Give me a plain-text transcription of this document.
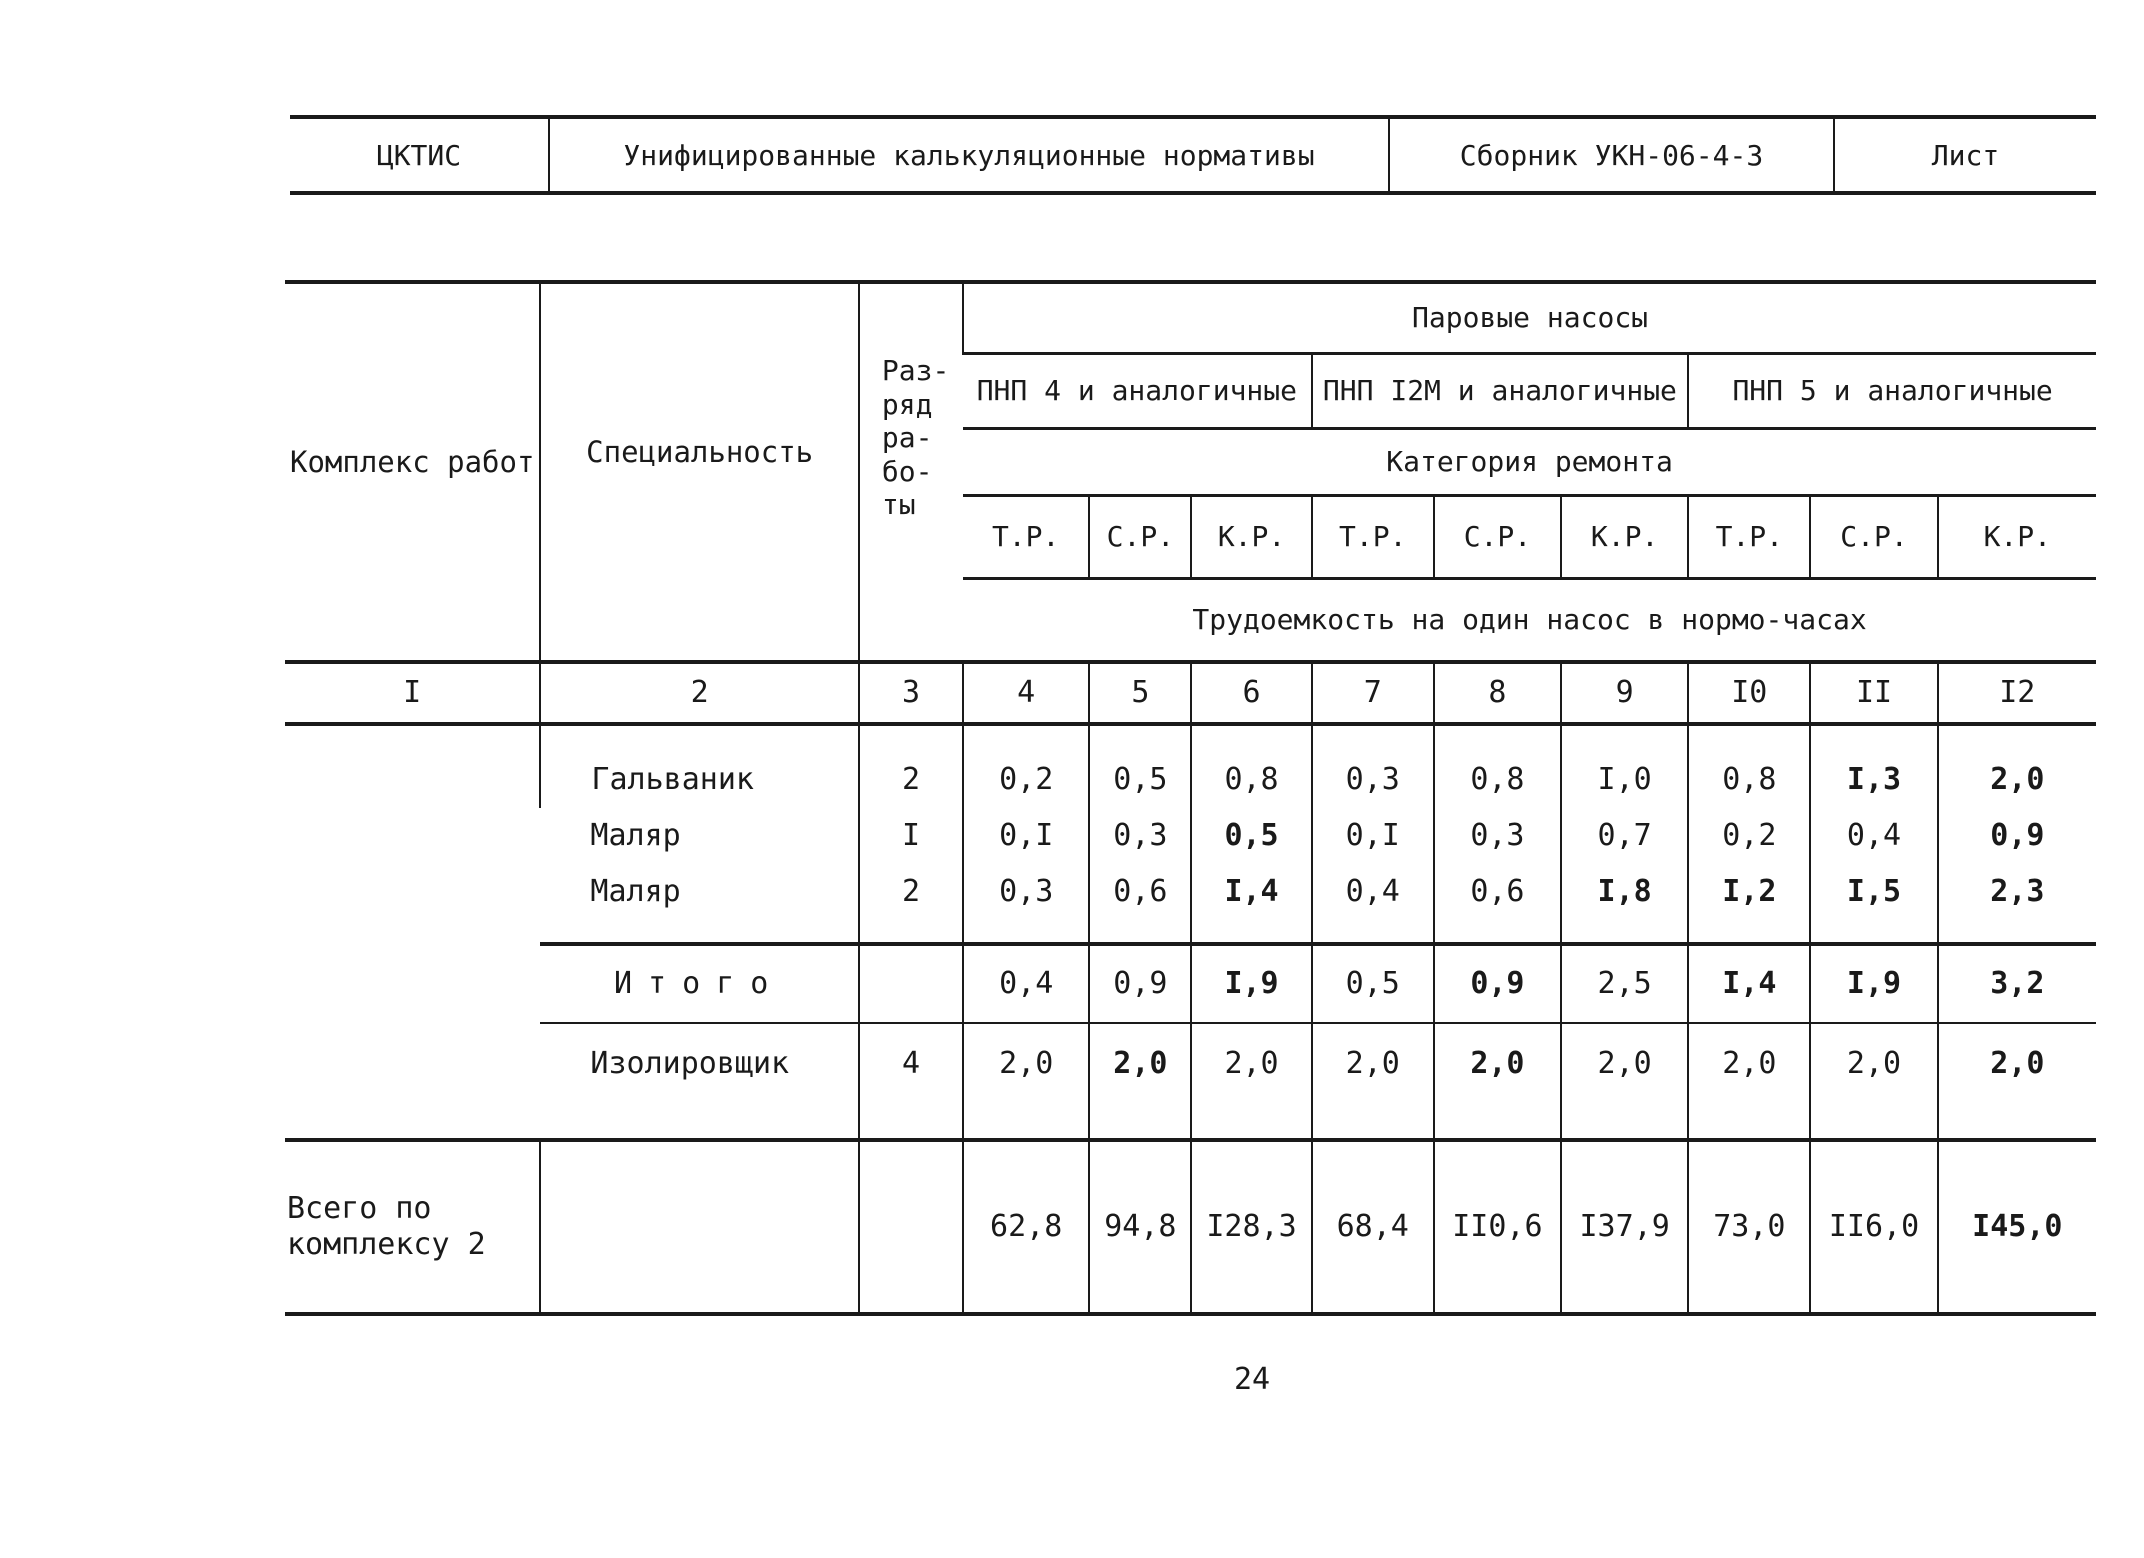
ЦКТИС	Унифицированные калькуляционные нормативы	Сборник УКН-06-4-3	Лист
Комплекс работ	Специальность	Раз-
ряд
ра-
бо-
ты	Паровые насосы								
			ПНП 4 и аналогичные			ПНП I2M и аналогичные			ПНП 5 и аналогичные		
			Категория ремонта								
			Т.Р.	С.Р.	К.Р.	Т.Р.	С.Р.	К.Р.	Т.Р.	С.Р.	К.Р.
			Трудоемкость на один насос в нормо-часах								

I	2	3	4	5	6	7	8	9	I0	II	I2
	Гальваник	2	0,2	0,5	0,8	0,3	0,8	I,0	0,8	I,3	2,0
	Маляр	I	0,I	0,3	0,5	0,I	0,3	0,7	0,2	0,4	0,9
	Маляр	2	0,3	0,6	I,4	0,4	0,6	I,8	I,2	I,5	2,3
	Итого		0,4	0,9	I,9	0,5	0,9	2,5	I,4	I,9	3,2
	Изолировщик	4	2,0	2,0	2,0	2,0	2,0	2,0	2,0	2,0	2,0
Всего по
комплексу 2			62,8	94,8	I28,3	68,4	II0,6	I37,9	73,0	II6,0	I45,0
24
